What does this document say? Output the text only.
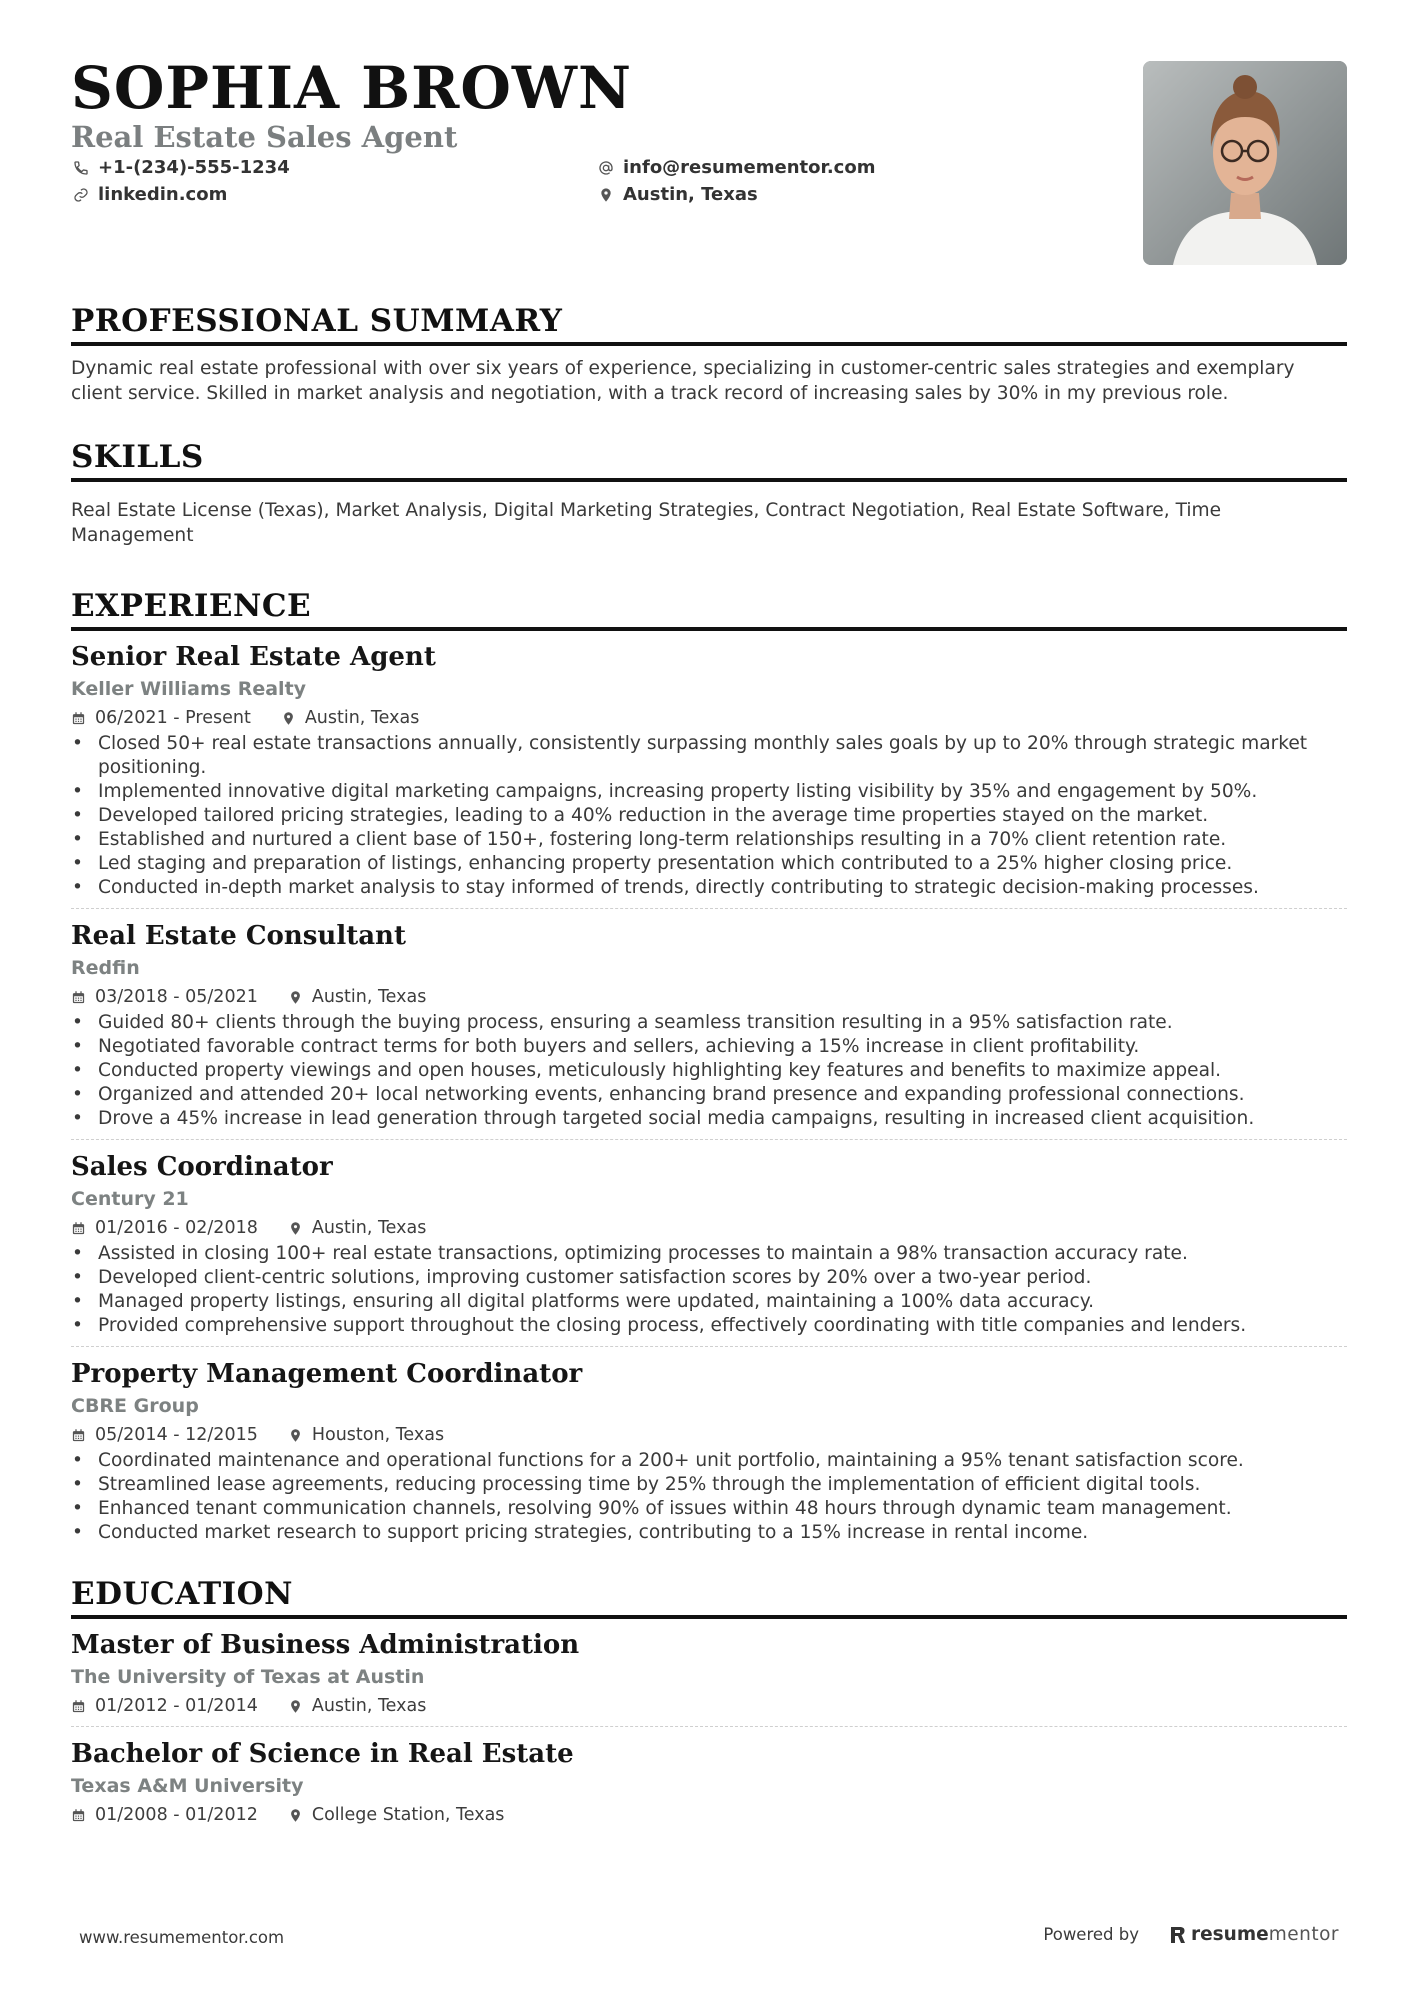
SOPHIA BROWN
Real Estate Sales Agent
+1-(234)-555-1234	info@resumementor.com
linkedin.com	Austin, Texas
PROFESSIONAL SUMMARY

Dynamic real estate professional with over six years of experience, specializing in customer-centric sales strategies and exemplary client service. Skilled in market analysis and negotiation, with a track record of increasing sales by 30% in my previous role.

SKILLS

Real Estate License (Texas), Market Analysis, Digital Marketing Strategies, Contract Negotiation, Real Estate Software, Time Management

EXPERIENCE
Senior Real Estate Agent
Keller Williams Realty
06/2021 - Present	Austin, Texas
• Closed 50+ real estate transactions annually, consistently surpassing monthly sales goals by up to 20% through strategic market positioning.
• Implemented innovative digital marketing campaigns, increasing property listing visibility by 35% and engagement by 50%.
• Developed tailored pricing strategies, leading to a 40% reduction in the average time properties stayed on the market.
• Established and nurtured a client base of 150+, fostering long-term relationships resulting in a 70% client retention rate.
• Led staging and preparation of listings, enhancing property presentation which contributed to a 25% higher closing price.
• Conducted in-depth market analysis to stay informed of trends, directly contributing to strategic decision-making processes.
Real Estate Consultant
Redfin
03/2018 - 05/2021	Austin, Texas
• Guided 80+ clients through the buying process, ensuring a seamless transition resulting in a 95% satisfaction rate.
• Negotiated favorable contract terms for both buyers and sellers, achieving a 15% increase in client profitability.
• Conducted property viewings and open houses, meticulously highlighting key features and benefits to maximize appeal.
• Organized and attended 20+ local networking events, enhancing brand presence and expanding professional connections.
• Drove a 45% increase in lead generation through targeted social media campaigns, resulting in increased client acquisition.
Sales Coordinator
Century 21
01/2016 - 02/2018	Austin, Texas
• Assisted in closing 100+ real estate transactions, optimizing processes to maintain a 98% transaction accuracy rate.
• Developed client-centric solutions, improving customer satisfaction scores by 20% over a two-year period.
• Managed property listings, ensuring all digital platforms were updated, maintaining a 100% data accuracy.
• Provided comprehensive support throughout the closing process, effectively coordinating with title companies and lenders.
Property Management Coordinator
CBRE Group
05/2014 - 12/2015	Houston, Texas
• Coordinated maintenance and operational functions for a 200+ unit portfolio, maintaining a 95% tenant satisfaction score.
• Streamlined lease agreements, reducing processing time by 25% through the implementation of efficient digital tools.
• Enhanced tenant communication channels, resolving 90% of issues within 48 hours through dynamic team management.
• Conducted market research to support pricing strategies, contributing to a 15% increase in rental income.
EDUCATION
Master of Business Administration
The University of Texas at Austin
01/2012 - 01/2014	Austin, Texas
Bachelor of Science in Real Estate
Texas A&M University
01/2008 - 01/2012	College Station, Texas
www.resumementor.com	Powered by	resume mentor
